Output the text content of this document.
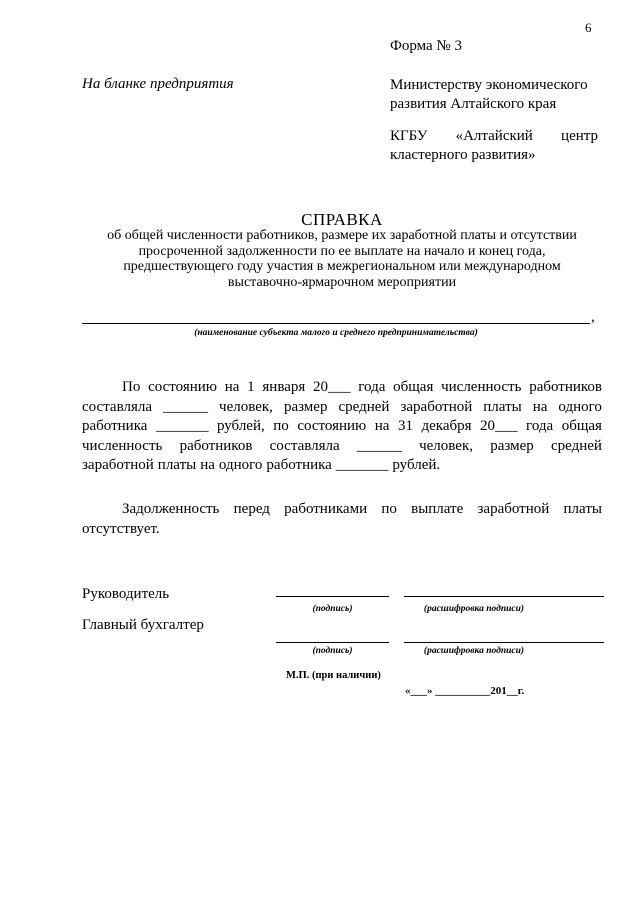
6
Форма № 3
На бланке предприятия	Министерству экономического
развития Алтайского края
КГБУ «Алтайский центр
кластерного развития»
СПРАВКА
об общей численности работников, размере их заработной платы и отсутствии
просроченной задолженности по ее выплате на начало и конец года,
предшествующего году участия в межрегиональном или международном
выставочно-ярмарочном мероприятии
,
(наименование субъекта малого и среднего предпринимательства)
По состоянию на 1 января 20___ года общая численность работников
составляла ______ человек, размер средней заработной платы на одного
работника _______ рублей, по состоянию на 31 декабря 20___ года общая
численность работников составляла ______ человек, размер средней
заработной платы на одного работника _______ рублей.
Задолженность перед работниками по выплате заработной платы
отсутствует.
Руководитель
(подпись)	(расшифровка подписи)
Главный бухгалтер
(подпись)	(расшифровка подписи)
М.П. (при наличии)
«___» __________201__г.
